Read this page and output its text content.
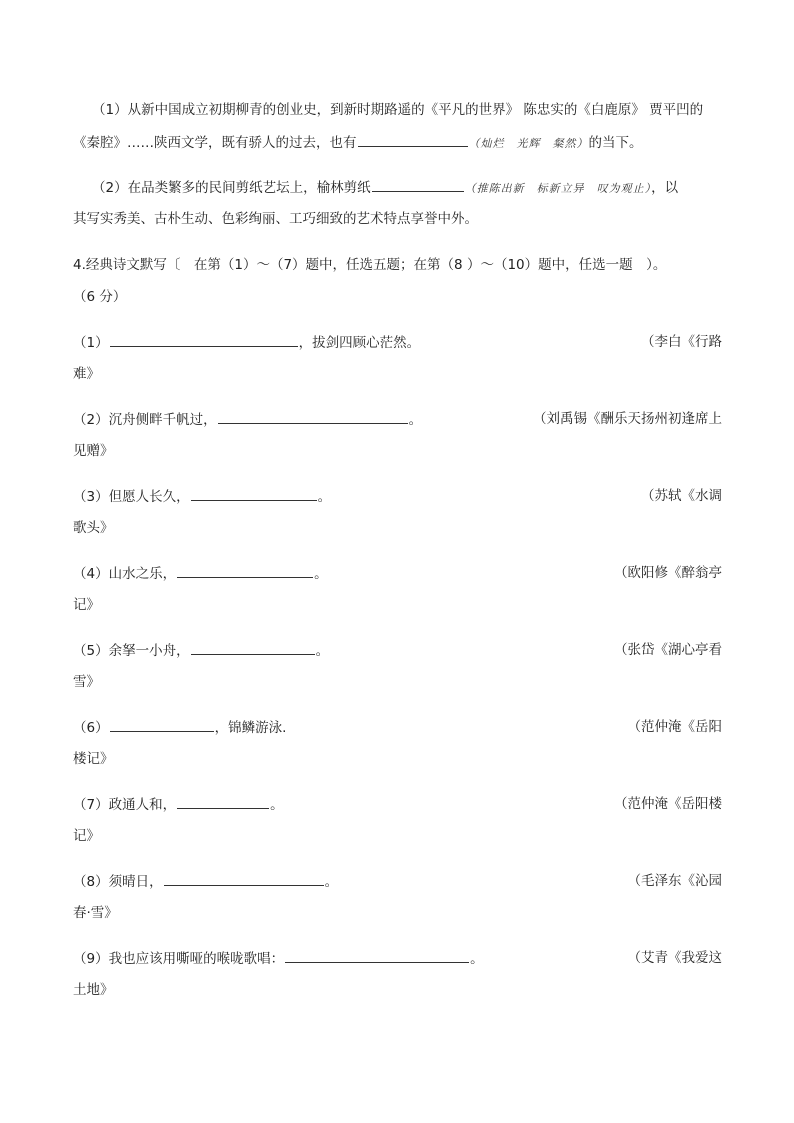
（1）从新中国成立初期柳青的创业史，到新时期路遥的《平凡的世界》 陈忠实的《白鹿原》 贾平凹的
《秦腔》……陕西文学，既有骄人的过去，也有	（灿烂　光辉　粲然）的当下。
（2）在品类繁多的民间剪纸艺坛上，榆林剪纸	（推陈出新　标新立异　叹为观止），以
其写实秀美、古朴生动、色彩绚丽、工巧细致的艺术特点享誉中外。
4.经典诗文默写〔　在第（1）～（7）题中，任选五题；在第（8 ）～（10）题中，任选一题　）。
（6 分）
（1）	，拔剑四顾心茫然。	（李白《行路
难》
（2）沉舟侧畔千帆过，	。	（刘禹锡《酬乐天扬州初逢席上
见赠》
（3）但愿人长久，	。	（苏轼《水调
歌头》
（4）山水之乐，	。	（欧阳修《醉翁亭
记》
（5）余拏一小舟，	。	（张岱《湖心亭看
雪》
（6）	，锦鳞游泳.	（范仲淹《岳阳
楼记》
（7）政通人和，	。	（范仲淹《岳阳楼
记》
（8）须晴日，	。	（毛泽东《沁园
春·雪》
（9）我也应该用嘶哑的喉咙歌唱：	。	（艾青《我爱这
土地》
